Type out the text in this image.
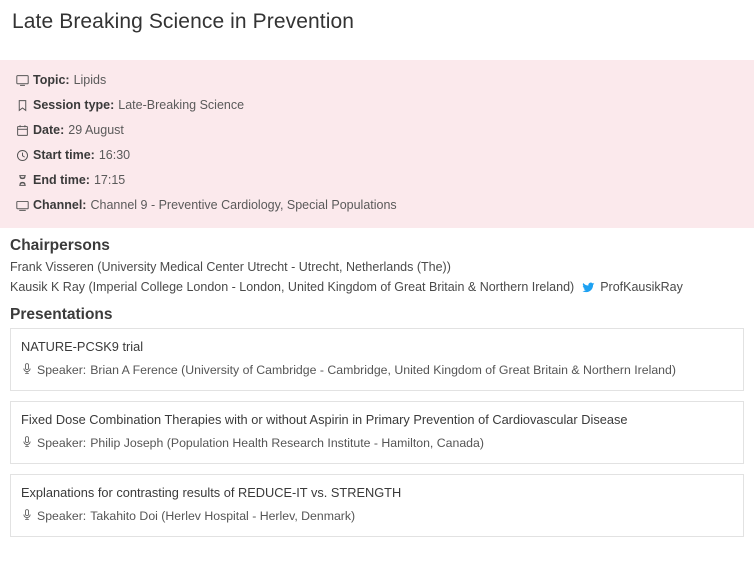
Late Breaking Science in Prevention
Topic: Lipids
Session type: Late-Breaking Science
Date: 29 August
Start time: 16:30
End time: 17:15
Channel: Channel 9 - Preventive Cardiology, Special Populations
Chairpersons
Frank Visseren (University Medical Center Utrecht - Utrecht, Netherlands (The))
Kausik K Ray (Imperial College London - London, United Kingdom of Great Britain & Northern Ireland) ProfKausikRay
Presentations
NATURE-PCSK9 trial
Speaker: Brian A Ference (University of Cambridge - Cambridge, United Kingdom of Great Britain & Northern Ireland)
Fixed Dose Combination Therapies with or without Aspirin in Primary Prevention of Cardiovascular Disease
Speaker: Philip Joseph (Population Health Research Institute - Hamilton, Canada)
Explanations for contrasting results of REDUCE-IT vs. STRENGTH
Speaker: Takahito Doi (Herlev Hospital - Herlev, Denmark)
